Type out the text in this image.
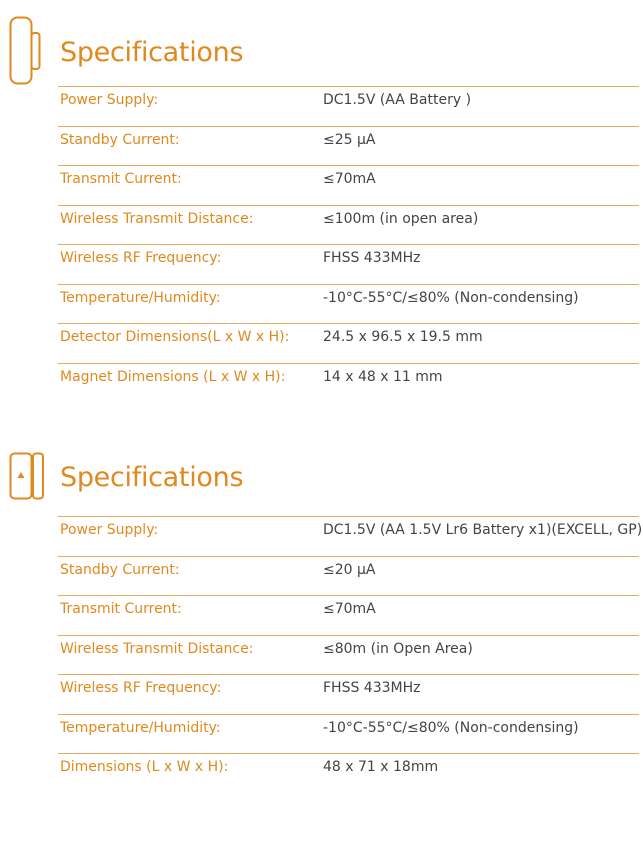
Specifications
Power Supply:	DC1.5V (AA Battery )
Standby Current:	≤25 μA
Transmit Current:	≤70mA
Wireless Transmit Distance:	≤100m (in open area)
Wireless RF Frequency:	FHSS 433MHz
Temperature/Humidity:	-10°C-55°C/≤80% (Non-condensing)
Detector Dimensions(L x W x H): 24.5 x 96.5 x 19.5 mm
Magnet Dimensions (L x W x H):	14 x 48 x 11 mm
Specifications
Power Supply:	DC1.5V (AA 1.5V Lr6 Battery x1)(EXCELL, GP)
Standby Current:	≤20 μA
Transmit Current:	≤70mA
Wireless Transmit Distance:	≤80m (in Open Area)
Wireless RF Frequency:	FHSS 433MHz
Temperature/Humidity:	-10°C-55°C/≤80% (Non-condensing)
Dimensions (L x W x H):	48 x 71 x 18mm
